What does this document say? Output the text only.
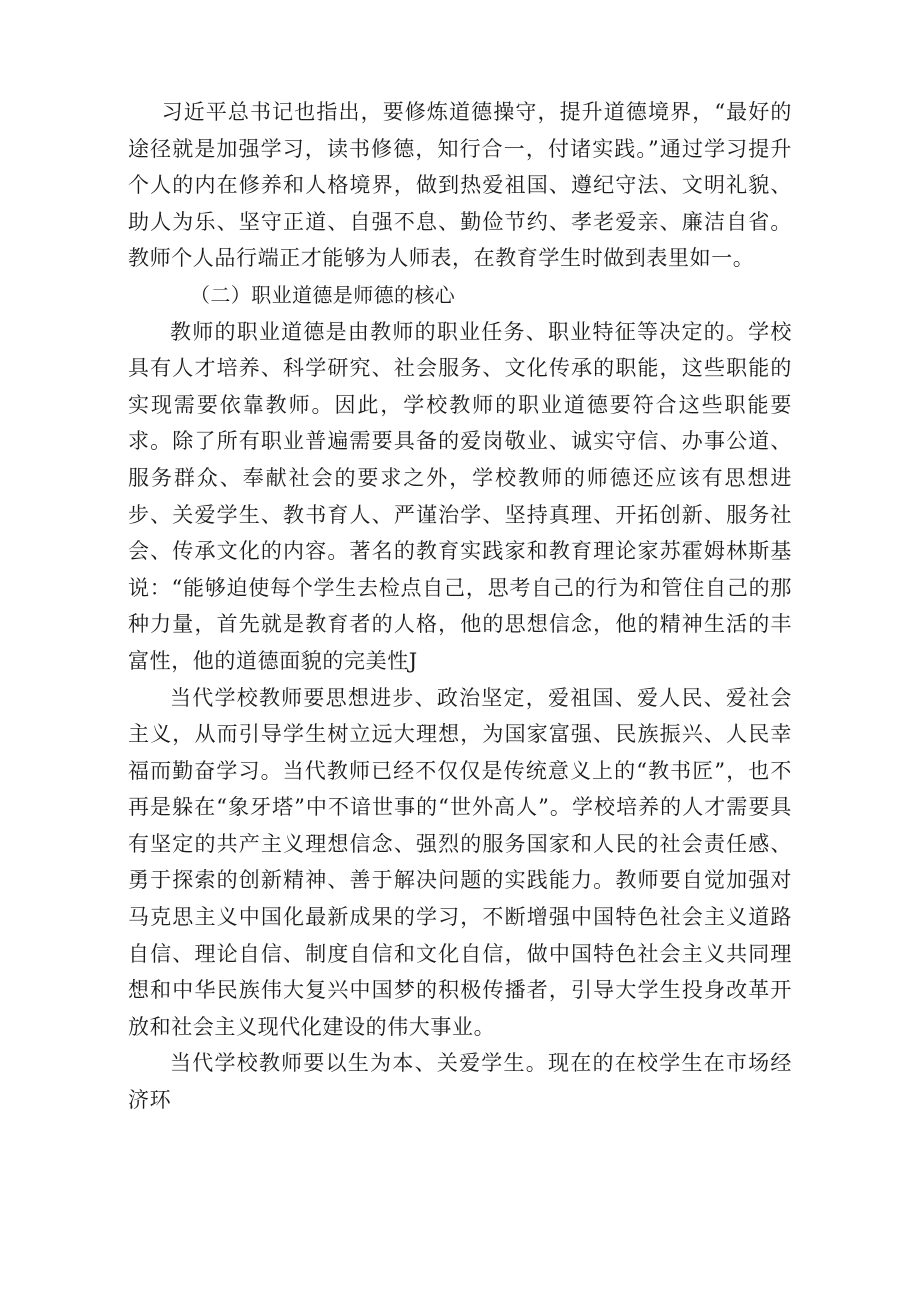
习近平总书记也指出，要修炼道德操守，提升道德境界，“最好的途径就是加强学习，读书修德，知行合一，付诸实践。”通过学习提升个人的内在修养和人格境界，做到热爱祖国、遵纪守法、文明礼貌、助人为乐、坚守正道、自强不息、勤俭节约、孝老爱亲、廉洁自省。教师个人品行端正才能够为人师表，在教育学生时做到表里如一。

（二）职业道德是师德的核心

教师的职业道德是由教师的职业任务、职业特征等决定的。学校具有人才培养、科学研究、社会服务、文化传承的职能，这些职能的实现需要依靠教师。因此，学校教师的职业道德要符合这些职能要求。除了所有职业普遍需要具备的爱岗敬业、诚实守信、办事公道、服务群众、奉献社会的要求之外，学校教师的师德还应该有思想进步、关爱学生、教书育人、严谨治学、坚持真理、开拓创新、服务社会、传承文化的内容。著名的教育实践家和教育理论家苏霍姆林斯基说：“能够迫使每个学生去检点自己，思考自己的行为和管住自己的那种力量，首先就是教育者的人格，他的思想信念，他的精神生活的丰富性，他的道德面貌的完美性J

当代学校教师要思想进步、政治坚定，爱祖国、爱人民、爱社会主义，从而引导学生树立远大理想，为国家富强、民族振兴、人民幸福而勤奋学习。当代教师已经不仅仅是传统意义上的“教书匠”，也不再是躲在“象牙塔”中不谙世事的“世外高人”。学校培养的人才需要具有坚定的共产主义理想信念、强烈的服务国家和人民的社会责任感、勇于探索的创新精神、善于解决问题的实践能力。教师要自觉加强对马克思主义中国化最新成果的学习，不断增强中国特色社会主义道路自信、理论自信、制度自信和文化自信，做中国特色社会主义共同理想和中华民族伟大复兴中国梦的积极传播者，引导大学生投身改革开放和社会主义现代化建设的伟大事业。

当代学校教师要以生为本、关爱学生。现在的在校学生在市场经济环
